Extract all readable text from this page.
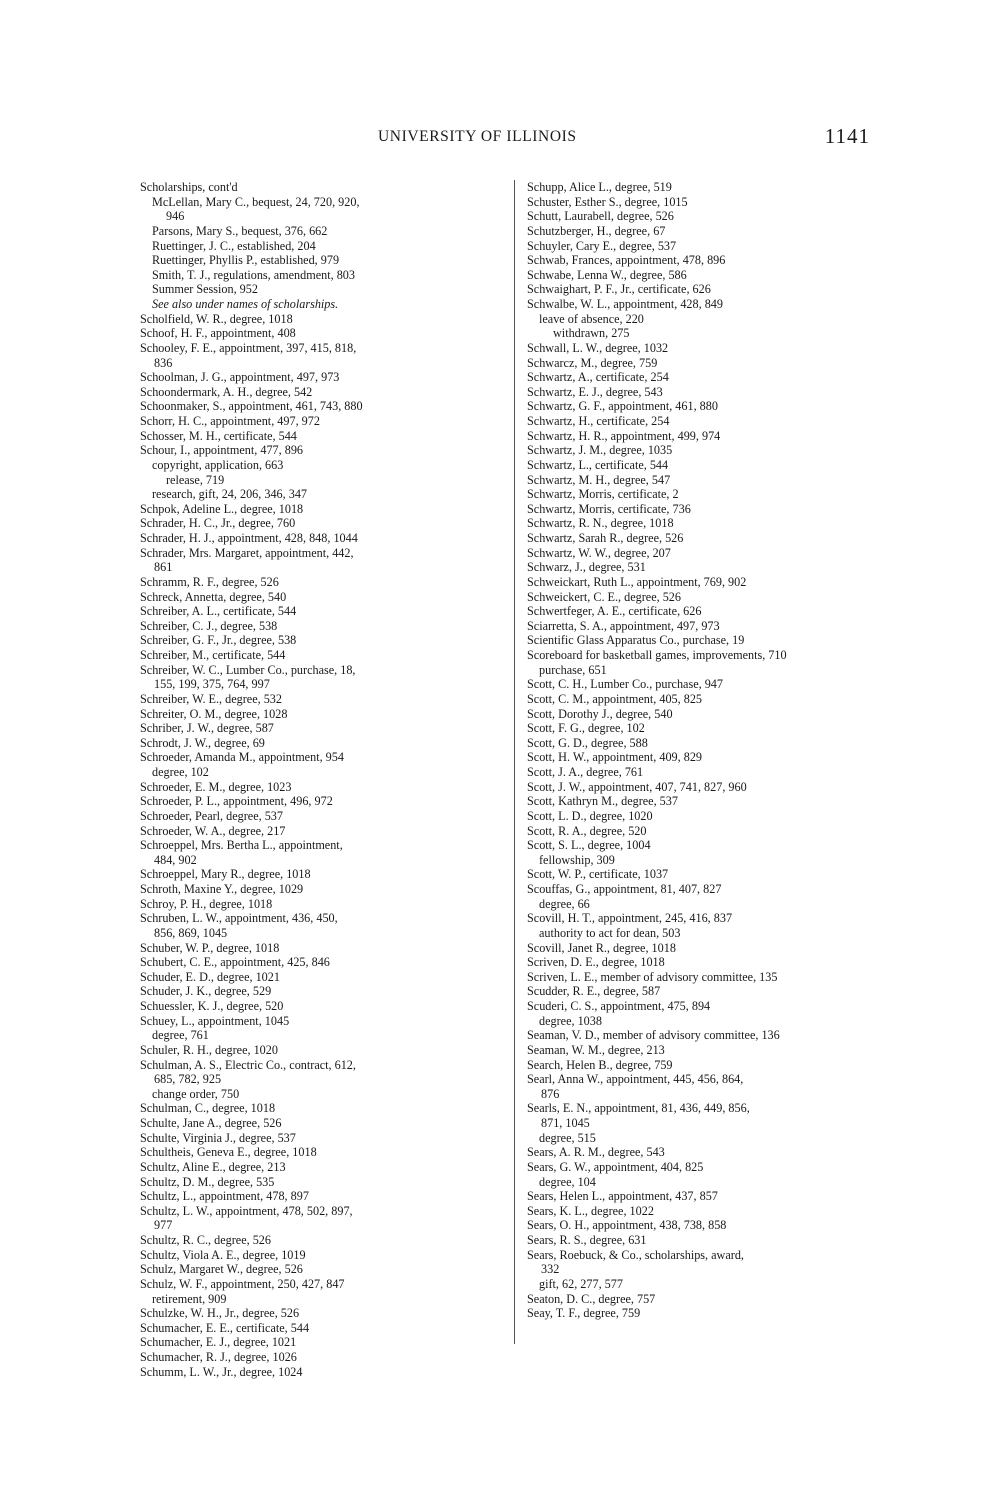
UNIVERSITY OF ILLINOIS	1141
Scholarships, cont'd
McLellan, Mary C., bequest, 24, 720, 920,
946
Parsons, Mary S., bequest, 376, 662
Ruettinger, J. C., established, 204
Ruettinger, Phyllis P., established, 979
Smith, T. J., regulations, amendment, 803
Summer Session, 952
See also under names of scholarships.
Scholfield, W. R., degree, 1018
Schoof, H. F., appointment, 408
Schooley, F. E., appointment, 397, 415, 818,
836
Schoolman, J. G., appointment, 497, 973
Schoondermark, A. H., degree, 542
Schoonmaker, S., appointment, 461, 743, 880
Schorr, H. C., appointment, 497, 972
Schosser, M. H., certificate, 544
Schour, I., appointment, 477, 896
copyright, application, 663
release, 719
research, gift, 24, 206, 346, 347
Schpok, Adeline L., degree, 1018
Schrader, H. C., Jr., degree, 760
Schrader, H. J., appointment, 428, 848, 1044
Schrader, Mrs. Margaret, appointment, 442,
861
Schramm, R. F., degree, 526
Schreck, Annetta, degree, 540
Schreiber, A. L., certificate, 544
Schreiber, C. J., degree, 538
Schreiber, G. F., Jr., degree, 538
Schreiber, M., certificate, 544
Schreiber, W. C., Lumber Co., purchase, 18,
155, 199, 375, 764, 997
Schreiber, W. E., degree, 532
Schreiter, O. M., degree, 1028
Schriber, J. W., degree, 587
Schrodt, J. W., degree, 69
Schroeder, Amanda M., appointment, 954
degree, 102
Schroeder, E. M., degree, 1023
Schroeder, P. L., appointment, 496, 972
Schroeder, Pearl, degree, 537
Schroeder, W. A., degree, 217
Schroeppel, Mrs. Bertha L., appointment,
484, 902
Schroeppel, Mary R., degree, 1018
Schroth, Maxine Y., degree, 1029
Schroy, P. H., degree, 1018
Schruben, L. W., appointment, 436, 450,
856, 869, 1045
Schuber, W. P., degree, 1018
Schubert, C. E., appointment, 425, 846
Schuder, E. D., degree, 1021
Schuder, J. K., degree, 529
Schuessler, K. J., degree, 520
Schuey, L., appointment, 1045
degree, 761
Schuler, R. H., degree, 1020
Schulman, A. S., Electric Co., contract, 612,
685, 782, 925
change order, 750
Schulman, C., degree, 1018
Schulte, Jane A., degree, 526
Schulte, Virginia J., degree, 537
Schultheis, Geneva E., degree, 1018
Schultz, Aline E., degree, 213
Schultz, D. M., degree, 535
Schultz, L., appointment, 478, 897
Schultz, L. W., appointment, 478, 502, 897,
977
Schultz, R. C., degree, 526
Schultz, Viola A. E., degree, 1019
Schulz, Margaret W., degree, 526
Schulz, W. F., appointment, 250, 427, 847
retirement, 909
Schulzke, W. H., Jr., degree, 526
Schumacher, E. E., certificate, 544
Schumacher, E. J., degree, 1021
Schumacher, R. J., degree, 1026
Schumm, L. W., Jr., degree, 1024
Schupp, Alice L., degree, 519
Schuster, Esther S., degree, 1015
Schutt, Laurabell, degree, 526
Schutzberger, H., degree, 67
Schuyler, Cary E., degree, 537
Schwab, Frances, appointment, 478, 896
Schwabe, Lenna W., degree, 586
Schwaighart, P. F., Jr., certificate, 626
Schwalbe, W. L., appointment, 428, 849
leave of absence, 220
withdrawn, 275
Schwall, L. W., degree, 1032
Schwarcz, M., degree, 759
Schwartz, A., certificate, 254
Schwartz, E. J., degree, 543
Schwartz, G. F., appointment, 461, 880
Schwartz, H., certificate, 254
Schwartz, H. R., appointment, 499, 974
Schwartz, J. M., degree, 1035
Schwartz, L., certificate, 544
Schwartz, M. H., degree, 547
Schwartz, Morris, certificate, 2
Schwartz, Morris, certificate, 736
Schwartz, R. N., degree, 1018
Schwartz, Sarah R., degree, 526
Schwartz, W. W., degree, 207
Schwarz, J., degree, 531
Schweickart, Ruth L., appointment, 769, 902
Schweickert, C. E., degree, 526
Schwertfeger, A. E., certificate, 626
Sciarretta, S. A., appointment, 497, 973
Scientific Glass Apparatus Co., purchase, 19
Scoreboard for basketball games, improvements, 710
purchase, 651
Scott, C. H., Lumber Co., purchase, 947
Scott, C. M., appointment, 405, 825
Scott, Dorothy J., degree, 540
Scott, F. G., degree, 102
Scott, G. D., degree, 588
Scott, H. W., appointment, 409, 829
Scott, J. A., degree, 761
Scott, J. W., appointment, 407, 741, 827, 960
Scott, Kathryn M., degree, 537
Scott, L. D., degree, 1020
Scott, R. A., degree, 520
Scott, S. L., degree, 1004
fellowship, 309
Scott, W. P., certificate, 1037
Scouffas, G., appointment, 81, 407, 827
degree, 66
Scovill, H. T., appointment, 245, 416, 837
authority to act for dean, 503
Scovill, Janet R., degree, 1018
Scriven, D. E., degree, 1018
Scriven, L. E., member of advisory committee, 135
Scudder, R. E., degree, 587
Scuderi, C. S., appointment, 475, 894
degree, 1038
Seaman, V. D., member of advisory committee, 136
Seaman, W. M., degree, 213
Search, Helen B., degree, 759
Searl, Anna W., appointment, 445, 456, 864,
876
Searls, E. N., appointment, 81, 436, 449, 856,
871, 1045
degree, 515
Sears, A. R. M., degree, 543
Sears, G. W., appointment, 404, 825
degree, 104
Sears, Helen L., appointment, 437, 857
Sears, K. L., degree, 1022
Sears, O. H., appointment, 438, 738, 858
Sears, R. S., degree, 631
Sears, Roebuck, & Co., scholarships, award,
332
gift, 62, 277, 577
Seaton, D. C., degree, 757
Seay, T. F., degree, 759
